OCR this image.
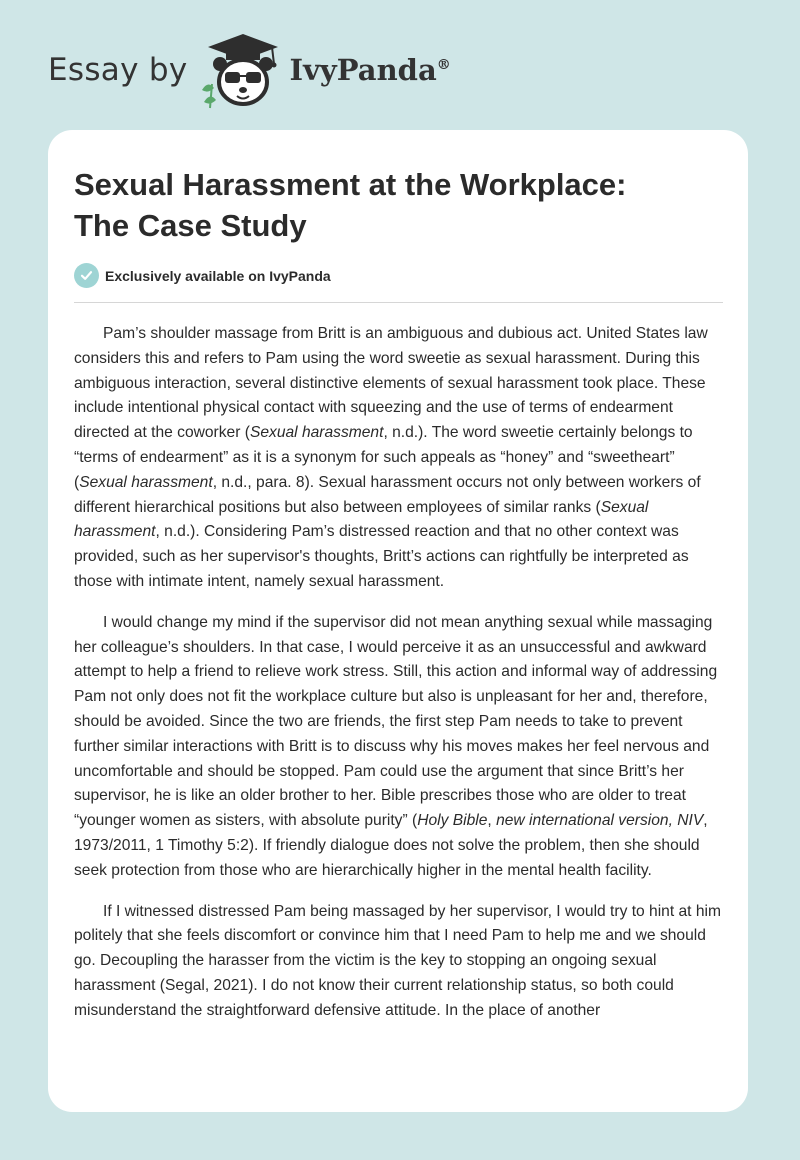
Essay by	IvyPanda®
Sexual Harassment at the Workplace:
The Case Study
Exclusively available on IvyPanda

Pam’s shoulder massage from Britt is an ambiguous and dubious act. United States law considers this and refers to Pam using the word sweetie as sexual harassment. During this ambiguous interaction, several distinctive elements of sexual harassment took place. These include intentional physical contact with squeezing and the use of terms of endearment directed at the coworker (Sexual harassment, n.d.). The word sweetie certainly belongs to “terms of endearment” as it is a synonym for such appeals as “honey” and “sweetheart” (Sexual harassment, n.d., para. 8). Sexual harassment occurs not only between workers of different hierarchical positions but also between employees of similar ranks (Sexual harassment, n.d.). Considering Pam’s distressed reaction and that no other context was provided, such as her supervisor's thoughts, Britt’s actions can rightfully be interpreted as those with intimate intent, namely sexual harassment.

I would change my mind if the supervisor did not mean anything sexual while massaging her colleague’s shoulders. In that case, I would perceive it as an unsuccessful and awkward attempt to help a friend to relieve work stress. Still, this action and informal way of addressing Pam not only does not fit the workplace culture but also is unpleasant for her and, therefore, should be avoided. Since the two are friends, the first step Pam needs to take to prevent further similar interactions with Britt is to discuss why his moves makes her feel nervous and uncomfortable and should be stopped. Pam could use the argument that since Britt’s her supervisor, he is like an older brother to her. Bible prescribes those who are older to treat “younger women as sisters, with absolute purity” (Holy Bible, new international version, NIV, 1973/2011, 1 Timothy 5:2). If friendly dialogue does not solve the problem, then she should seek protection from those who are hierarchically higher in the mental health facility.

If I witnessed distressed Pam being massaged by her supervisor, I would try to hint at him politely that she feels discomfort or convince him that I need Pam to help me and we should go. Decoupling the harasser from the victim is the key to stopping an ongoing sexual harassment (Segal, 2021). I do not know their current relationship status, so both could misunderstand the straightforward defensive attitude. In the place of another
